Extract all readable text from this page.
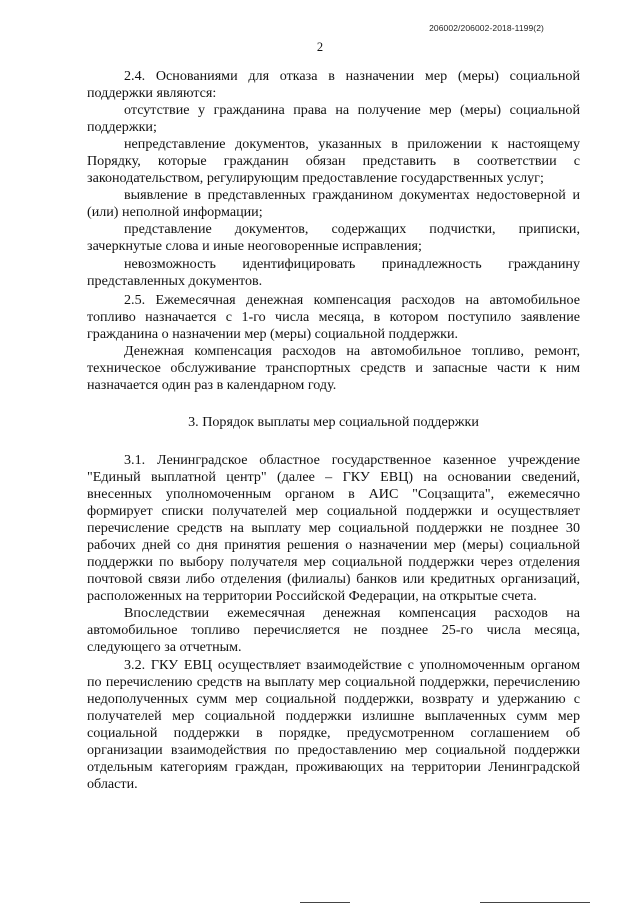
206002/206002-2018-1199(2)
2

2.4. Основаниями для отказа в назначении мер (меры) социальной поддержки являются:

отсутствие у гражданина права на получение мер (меры) социальной поддержки;

непредставление документов, указанных в приложении к настоящему Порядку, которые гражданин обязан представить в соответствии с законодательством, регулирующим предоставление государственных услуг;

выявление в представленных гражданином документах недостоверной и (или) неполной информации;

представление документов, содержащих подчистки, приписки, зачеркнутые слова и иные неоговоренные исправления;

невозможность идентифицировать принадлежность гражданину представленных документов.

2.5. Ежемесячная денежная компенсация расходов на автомобильное топливо назначается с 1-го числа месяца, в котором поступило заявление гражданина о назначении мер (меры) социальной поддержки.

Денежная компенсация расходов на автомобильное топливо, ремонт, техническое обслуживание транспортных средств и запасные части к ним назначается один раз в календарном году.

3. Порядок выплаты мер социальной поддержки

3.1. Ленинградское областное государственное казенное учреждение "Единый выплатной центр" (далее – ГКУ ЕВЦ) на основании сведений, внесенных уполномоченным органом в АИС "Соцзащита", ежемесячно формирует списки получателей мер социальной поддержки и осуществляет перечисление средств на выплату мер социальной поддержки не позднее 30 рабочих дней со дня принятия решения о назначении мер (меры) социальной поддержки по выбору получателя мер социальной поддержки через отделения почтовой связи либо отделения (филиалы) банков или кредитных организаций, расположенных на территории Российской Федерации, на открытые счета.

Впоследствии ежемесячная денежная компенсация расходов на автомобильное топливо перечисляется не позднее 25-го числа месяца, следующего за отчетным.

3.2. ГКУ ЕВЦ осуществляет взаимодействие с уполномоченным органом по перечислению средств на выплату мер социальной поддержки, перечислению недополученных сумм мер социальной поддержки, возврату и удержанию с получателей мер социальной поддержки излишне выплаченных сумм мер социальной поддержки в порядке, предусмотренном соглашением об организации взаимодействия по предоставлению мер социальной поддержки отдельным категориям граждан, проживающих на территории Ленинградской области.
